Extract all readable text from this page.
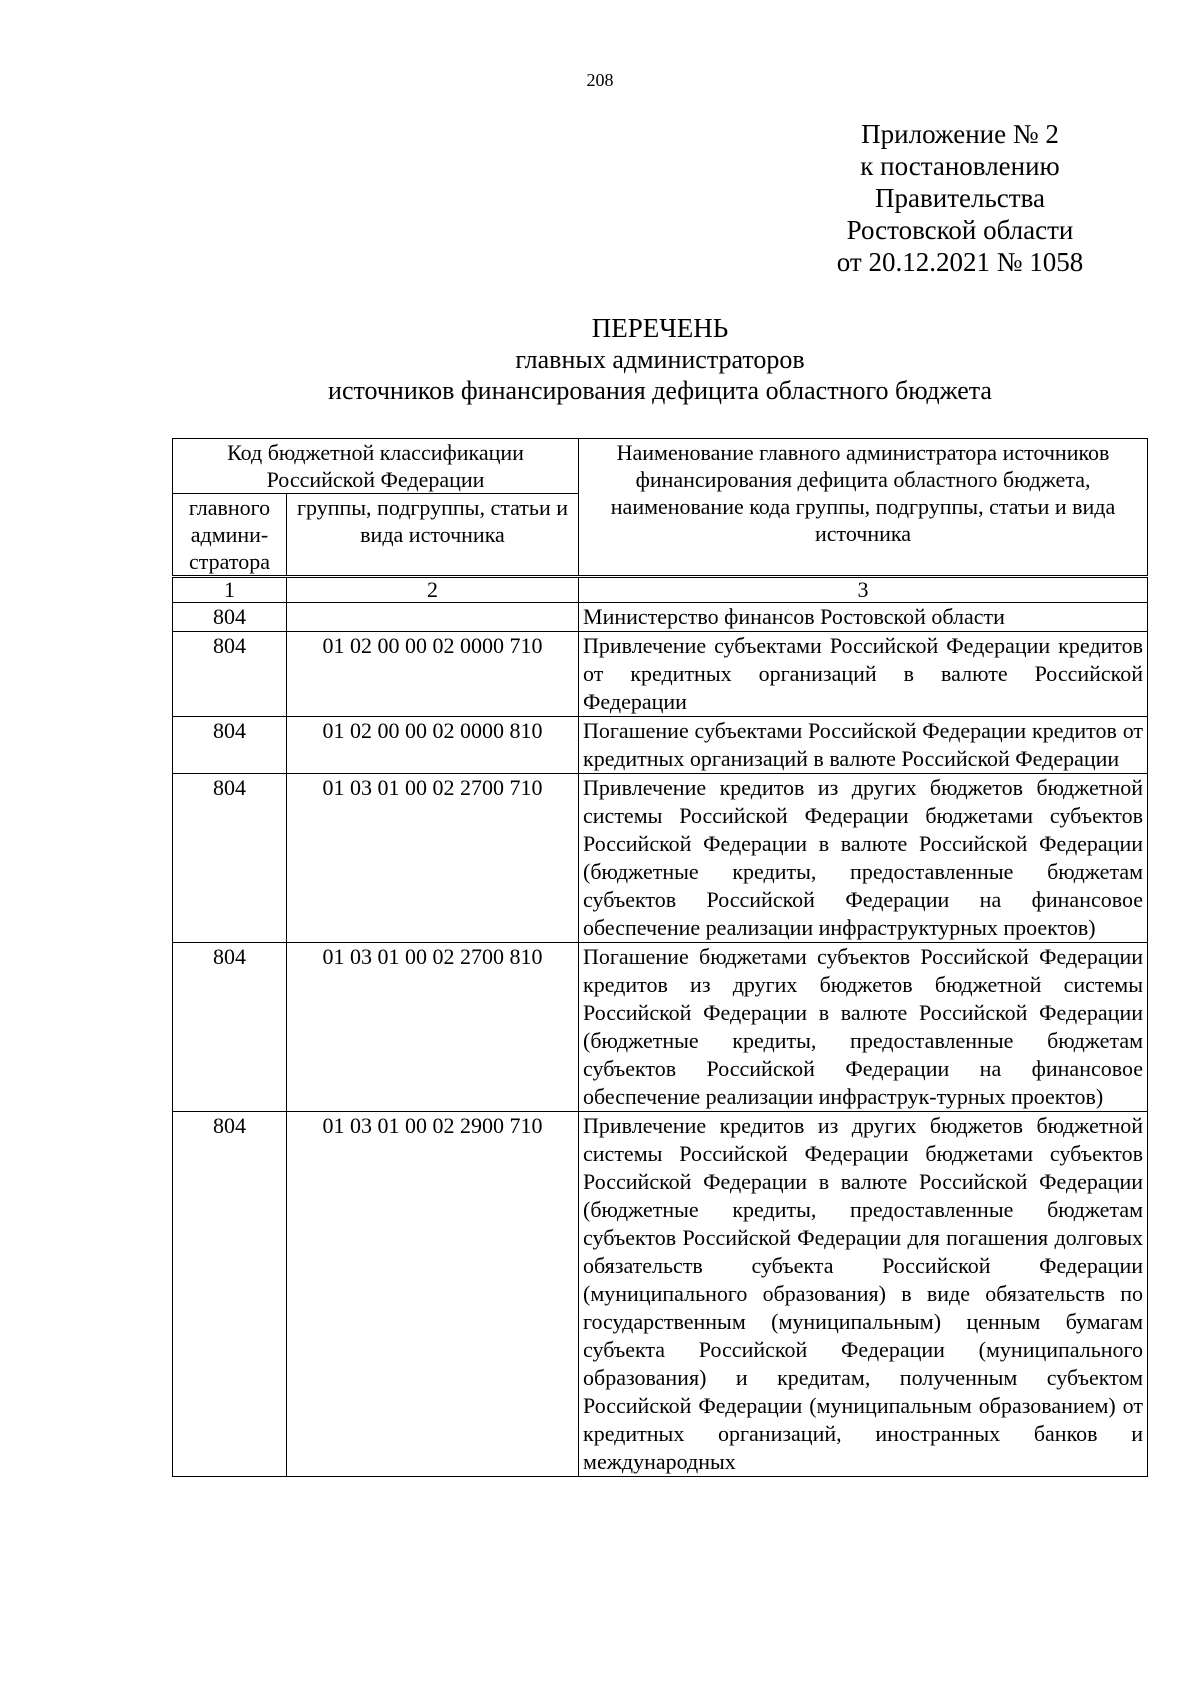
208
Приложение № 2
к постановлению
Правительства
Ростовской области
от 20.12.2021 № 1058
ПЕРЕЧЕНЬ
главных администраторов
источников финансирования дефицита областного бюджета
Код бюджетной классификации Российской Федерации		Наименование главного администратора источников финансирования дефицита областного бюджета, наименование кода группы, подгруппы, статьи и вида источника
главного админи-стратора	группы, подгруппы, статьи и вида источника	
1	2	3
804		Министерство финансов Ростовской области
804	01 02 00 00 02 0000 710	Привлечение субъектами Российской Федерации кредитов от кредитных организаций в валюте Российской Федерации
804	01 02 00 00 02 0000 810	Погашение субъектами Российской Федерации кредитов от кредитных организаций в валюте Российской Федерации
804	01 03 01 00 02 2700 710	Привлечение кредитов из других бюджетов бюджетной системы Российской Федерации бюджетами субъектов Российской Федерации в валюте Российской Федерации (бюджетные кредиты, предоставленные бюджетам субъектов Российской Федерации на финансовое обеспечение реализации инфраструктурных проектов)
804	01 03 01 00 02 2700 810	Погашение бюджетами субъектов Российской Федерации кредитов из других бюджетов бюджетной системы Российской Федерации в валюте Российской Федерации (бюджетные кредиты, предоставленные бюджетам субъектов Российской Федерации на финансовое обеспечение реализации инфраструк-турных проектов)
804	01 03 01 00 02 2900 710	Привлечение кредитов из других бюджетов бюджетной системы Российской Федерации бюджетами субъектов Российской Федерации в валюте Российской Федерации (бюджетные кредиты, предоставленные бюджетам субъектов Российской Федерации для погашения долговых обязательств субъекта Российской Федерации (муниципального образования) в виде обязательств по государственным (муниципальным) ценным бумагам субъекта Российской Федерации (муниципального образования) и кредитам, полученным субъектом Российской Федерации (муниципальным образованием) от кредитных организаций, иностранных банков и международных
